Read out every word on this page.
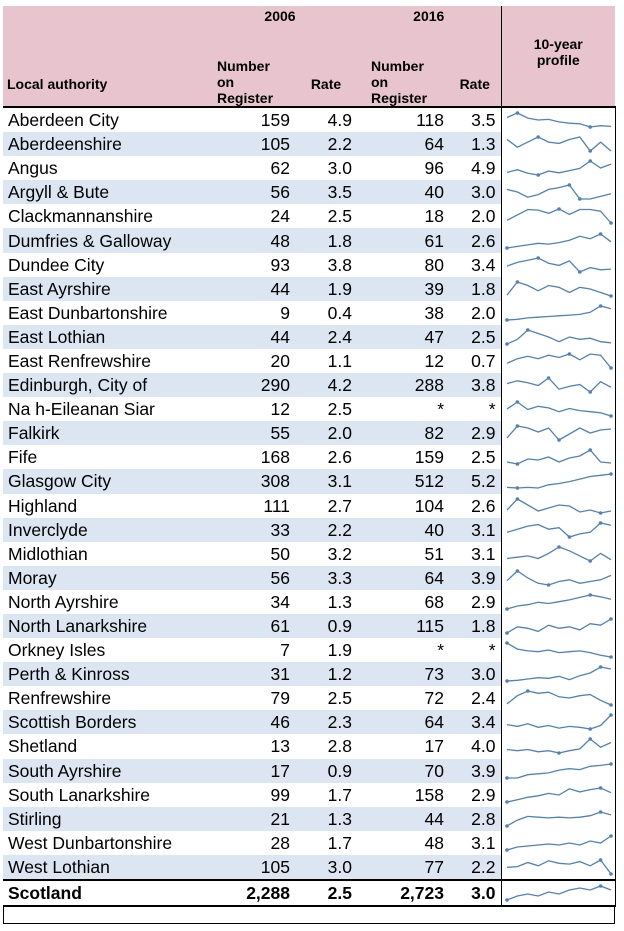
	2006		2016		
Local authority	Number
on
Register	Rate	Number
on
Register	Rate	10-year
profile
Aberdeen City	159	4.9	118	3.5	

Aberdeenshire	105	2.2	64	1.3	

Angus	62	3.0	96	4.9	

Argyll & Bute	56	3.5	40	3.0	

Clackmannanshire	24	2.5	18	2.0	

Dumfries & Galloway	48	1.8	61	2.6	

Dundee City	93	3.8	80	3.4	

East Ayrshire	44	1.9	39	1.8	

East Dunbartonshire	9	0.4	38	2.0	

East Lothian	44	2.4	47	2.5	

East Renfrewshire	20	1.1	12	0.7	

Edinburgh, City of	290	4.2	288	3.8	

Na h-Eileanan Siar	12	2.5	*	*	

Falkirk	55	2.0	82	2.9	

Fife	168	2.6	159	2.5	

Glasgow City	308	3.1	512	5.2	

Highland	111	2.7	104	2.6	

Inverclyde	33	2.2	40	3.1	

Midlothian	50	3.2	51	3.1	

Moray	56	3.3	64	3.9	

North Ayrshire	34	1.3	68	2.9	

North Lanarkshire	61	0.9	115	1.8	

Orkney Isles	7	1.9	*	*	

Perth & Kinross	31	1.2	73	3.0	

Renfrewshire	79	2.5	72	2.4	

Scottish Borders	46	2.3	64	3.4	

Shetland	13	2.8	17	4.0	

South Ayrshire	17	0.9	70	3.9	

South Lanarkshire	99	1.7	158	2.9	

Stirling	21	1.3	44	2.8	

West Dunbartonshire	28	1.7	48	3.1	

West Lothian	105	3.0	77	2.2	

Scotland	2,288	2.5	2,723	3.0	
